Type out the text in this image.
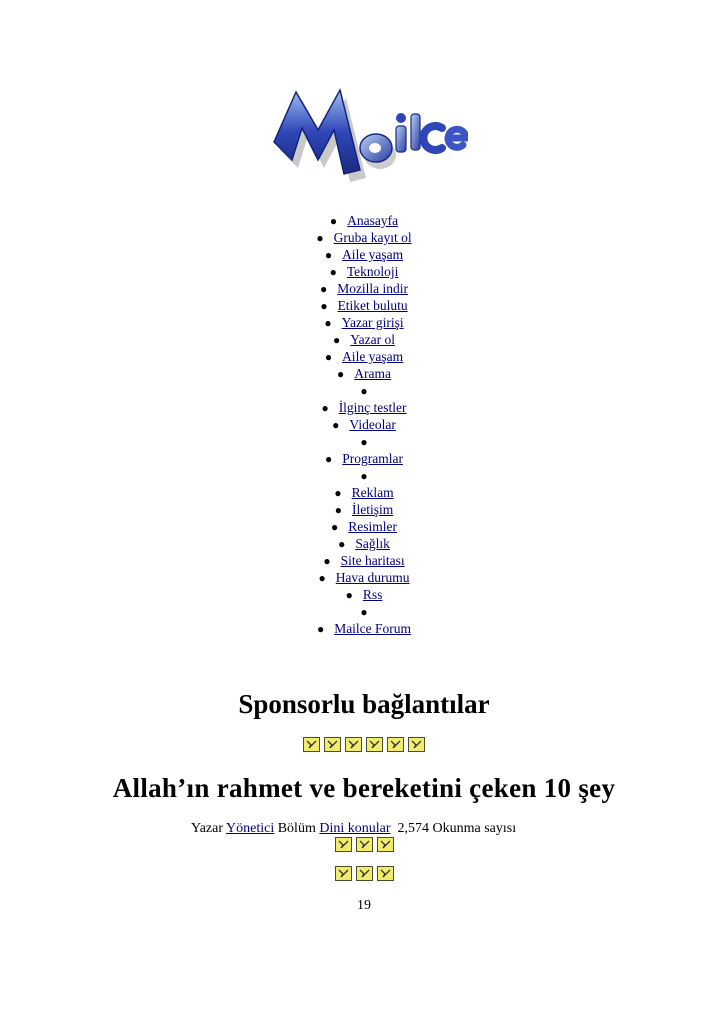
● Anasayfa
● Gruba kayıt ol
● Aile yaşam
● Teknoloji
● Mozilla indir
● Etiket bulutu
● Yazar girişi
● Yazar ol
● Aile yaşam
● Arama
●
● İlginç testler
● Videolar
●
● Programlar
●
● Reklam
● İletişim
● Resimler
● Sağlık
● Site haritası
● Hava durumu
● Rss
●
● Mailce Forum
Sponsorlu bağlantılar

Allah’ın rahmet ve bereketini çeken 10 şey
Yazar Yönetici Bölüm Dini konular 2,574 Okunma sayısı

19
